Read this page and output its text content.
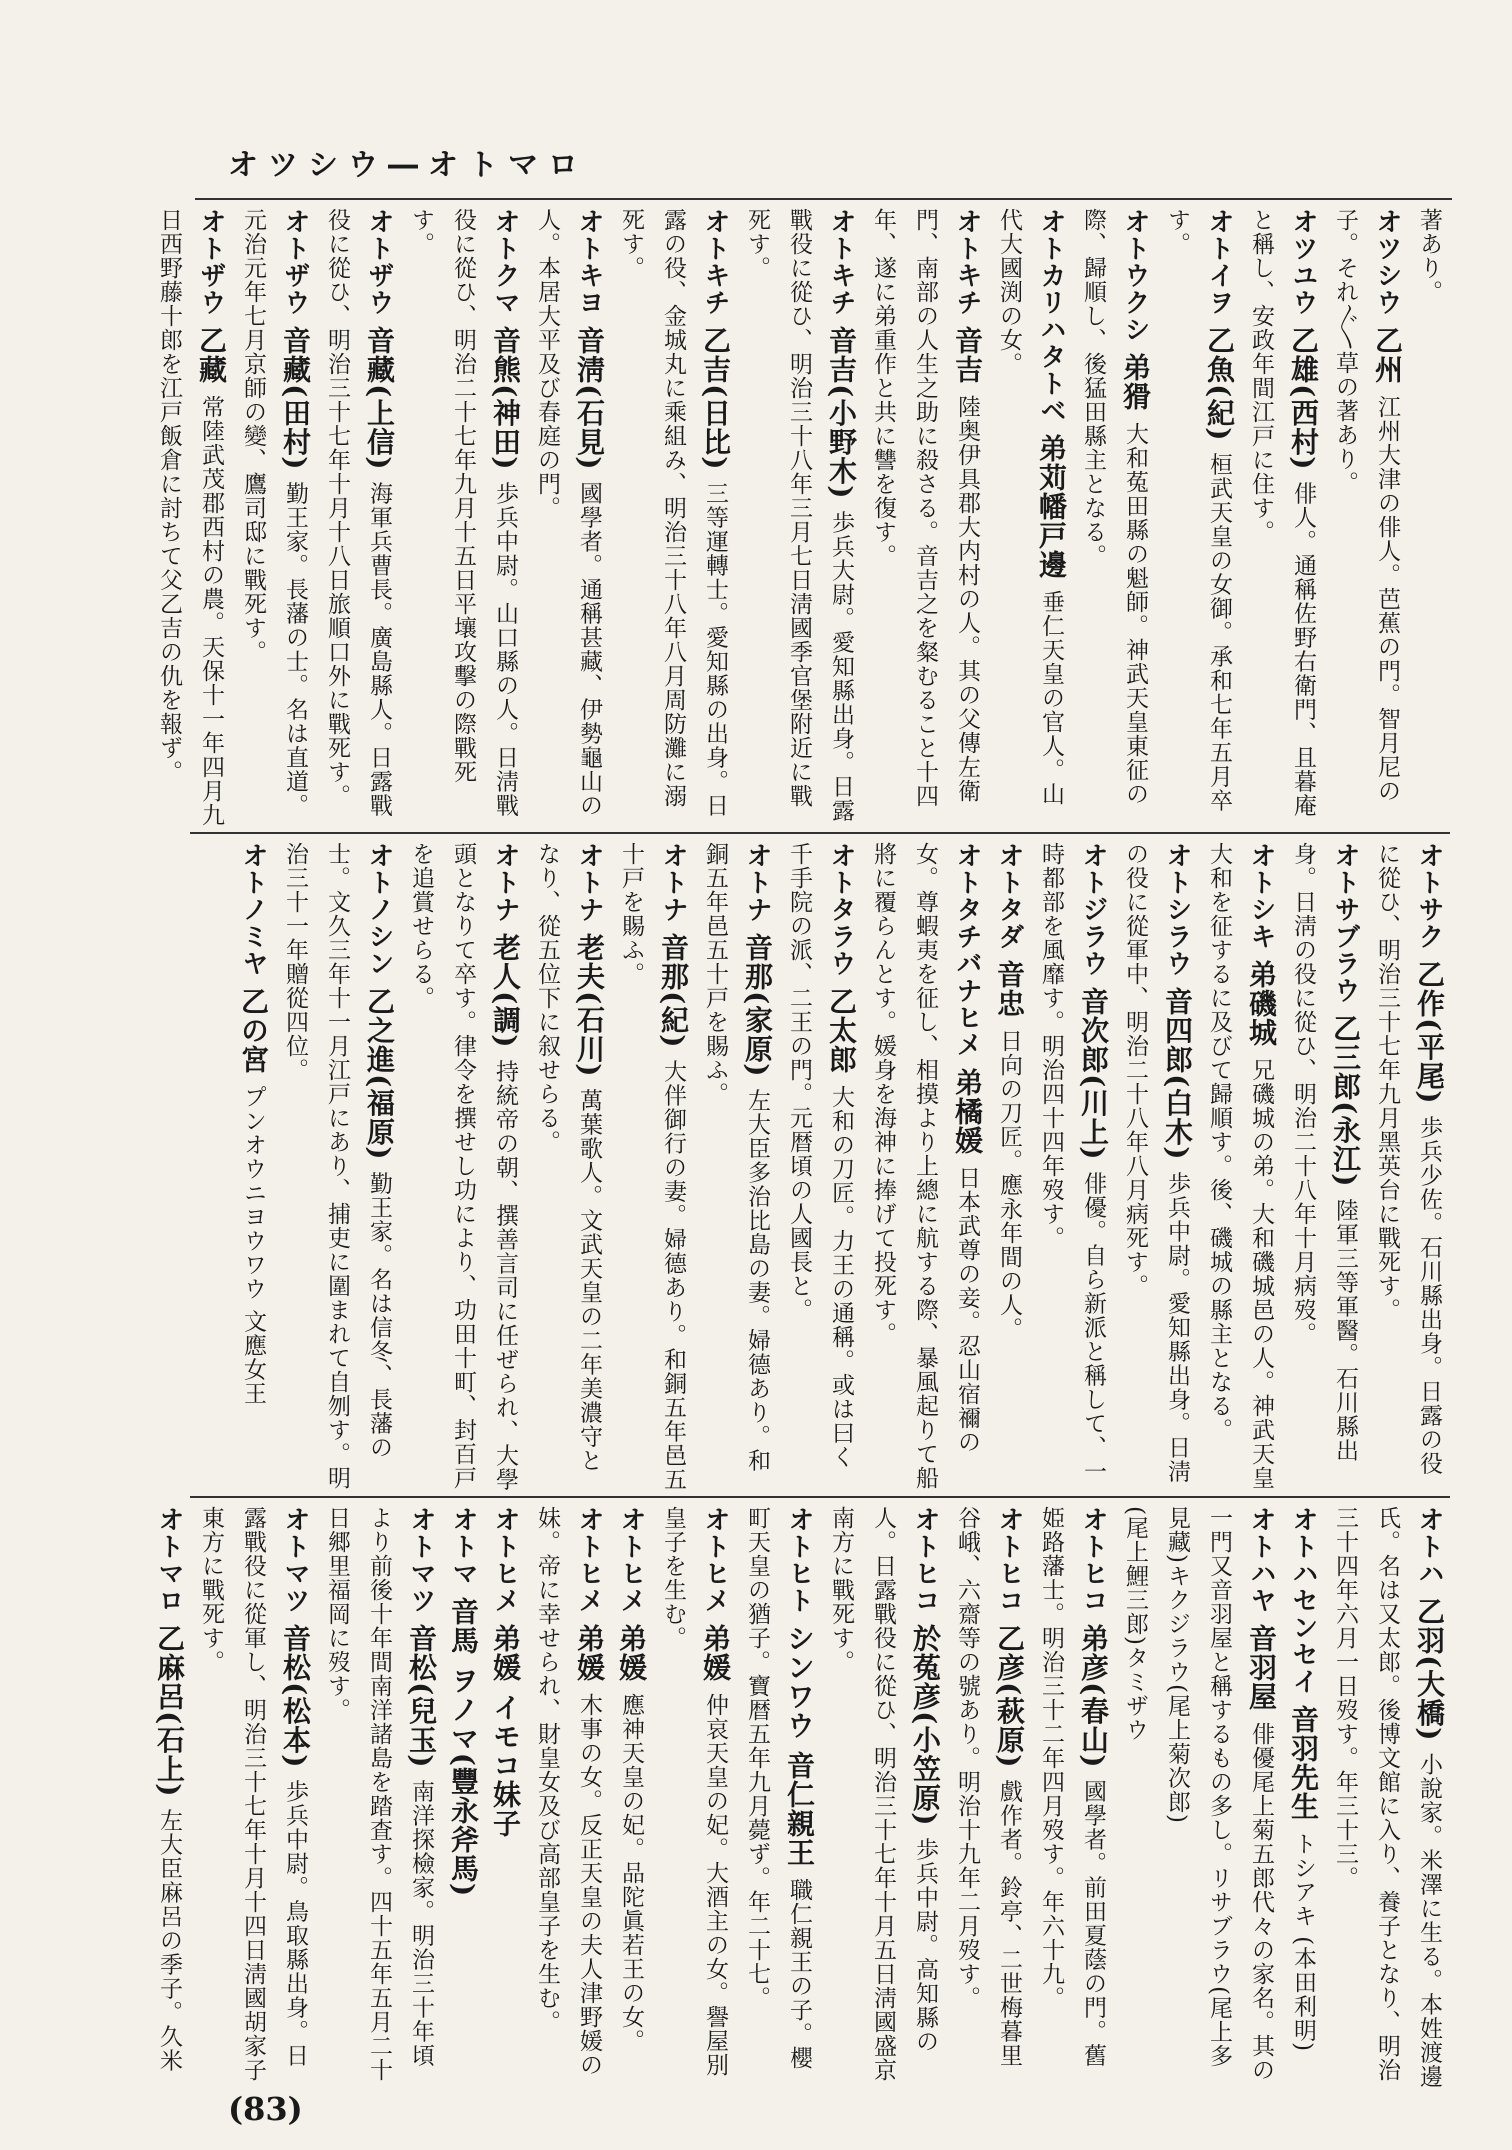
オツシウ―オトマロ
著あり。
オツシウ 乙州 江州大津の俳人。芭蕉の門。智月尼の子。それ〴〵草の著あり。
オツユウ 乙雄(西村) 俳人。通稱佐野右衛門、且暮庵と稱し、安政年間江戸に住す。
オトイヲ 乙魚(紀) 桓武天皇の女御。承和七年五月卒す。
オトウクシ 弟猾 大和菟田縣の魁師。神武天皇東征の際、歸順し、後猛田縣主となる。
オトカリハタトベ 弟苅幡戸邊 垂仁天皇の官人。山代大國渕の女。
オトキチ 音吉 陸奥伊具郡大内村の人。其の父傳左衛門、南部の人生之助に殺さる。音吉之を粲むること十四年、遂に弟重作と共に讐を復す。
オトキチ 音吉(小野木) 歩兵大尉。愛知縣出身。日露戰役に從ひ、明治三十八年三月七日淸國季官堡附近に戰死す。
オトキチ 乙吉(日比) 三等運轉士。愛知縣の出身。日露の役、金城丸に乘組み、明治三十八年八月周防灘に溺死す。
オトキヨ 音淸(石見) 國學者。通稱甚藏、伊勢龜山の人。本居大平及び春庭の門。
オトクマ 音熊(神田) 歩兵中尉。山口縣の人。日淸戰役に從ひ、明治二十七年九月十五日平壤攻擊の際戰死す。
オトザウ 音藏(上信) 海軍兵曹長。廣島縣人。日露戰役に從ひ、明治三十七年十月十八日旅順口外に戰死す。
オトザウ 音藏(田村) 勤王家。長藩の士。名は直道。元治元年七月京師の變、鷹司邸に戰死す。
オトザウ 乙藏 常陸武茂郡西村の農。天保十一年四月九日西野藤十郎を江戸飯倉に討ちて父乙吉の仇を報ず。
オトサク 乙作(平尾) 歩兵少佐。石川縣出身。日露の役に從ひ、明治三十七年九月黑英台に戰死す。
オトサブラウ 乙三郎(永江) 陸軍三等軍醫。石川縣出身。日淸の役に從ひ、明治二十八年十月病歿。
オトシキ 弟磯城 兄磯城の弟。大和磯城邑の人。神武天皇大和を征するに及びて歸順す。後、磯城の縣主となる。
オトシラウ 音四郎(白木) 歩兵中尉。愛知縣出身。日淸の役に從軍中、明治二十八年八月病死す。
オトジラウ 音次郎(川上) 俳優。自ら新派と稱して、一時都部を風靡す。明治四十四年歿す。
オトタダ 音忠 日向の刀匠。應永年間の人。
オトタチバナヒメ 弟橘媛 日本武尊の妾。忍山宿禰の女。尊蝦夷を征し、相摸より上總に航する際、暴風起りて船將に覆らんとす。媛身を海神に捧げて投死す。
オトタラウ 乙太郎 大和の刀匠。力王の通稱。或は曰く千手院の派、二王の門。元暦頃の人國長と。
オトナ 音那(家原) 左大臣多治比島の妻。婦德あり。和銅五年邑五十戸を賜ふ。
オトナ 音那(紀) 大伴御行の妻。婦德あり。和銅五年邑五十戸を賜ふ。
オトナ 老夫(石川) 萬葉歌人。文武天皇の二年美濃守となり、從五位下に叙せらる。
オトナ 老人(調) 持統帝の朝、撰善言司に任ぜられ、大學頭となりて卒す。律令を撰せし功により、功田十町、封百戸を追賞せらる。
オトノシン 乙之進(福原) 勤王家。名は信冬、長藩の士。文久三年十一月江戸にあり、捕吏に圍まれて自刎す。明治三十一年贈從四位。
オトノミヤ 乙の宮 プンオウニヨウワウ 文應女王
オトハ 乙羽(大橋) 小說家。米澤に生る。本姓渡邊氏。名は又太郎。後博文館に入り、養子となり、明治三十四年六月一日歿す。年三十三。
オトハセンセイ 音羽先生 トシアキ (本田利明)
オトハヤ 音羽屋 俳優尾上菊五郎代々の家名。其の一門又音羽屋と稱するもの多し。リサブラウ(尾上多見藏)キクジラウ(尾上菊次郎)
(尾上鯉三郎)タミザウ
オトヒコ 弟彦(春山) 國學者。前田夏蔭の門。舊姫路藩士。明治三十二年四月歿す。年六十九。
オトヒコ 乙彦(萩原) 戲作者。鈴亭、二世梅暮里谷峨、六齋等の號あり。明治十九年二月歿す。
オトヒコ 於菟彦(小笠原) 歩兵中尉。高知縣の人。日露戰役に從ひ、明治三十七年十月五日淸國盛京南方に戰死す。
オトヒト シンワウ 音仁親王 職仁親王の子。櫻町天皇の猶子。寶暦五年九月薨ず。年二十七。
オトヒメ 弟媛 仲哀天皇の妃。大酒主の女。譽屋別皇子を生む。
オトヒメ 弟媛 應神天皇の妃。品陀眞若王の女。
オトヒメ 弟媛 木事の女。反正天皇の夫人津野媛の妹。帝に幸せられ、財皇女及び高部皇子を生む。
オトヒメ 弟媛 イモコ妹子
オトマ 音馬 ヲノマ(豐永斧馬)
オトマツ 音松(兒玉) 南洋探檢家。明治三十年頃より前後十年間南洋諸島を踏査す。四十五年五月二十日郷里福岡に歿す。
オトマツ 音松(松本) 歩兵中尉。鳥取縣出身。日露戰役に從軍し、明治三十七年十月十四日淸國胡家子東方に戰死す。
オトマロ 乙麻呂(石上) 左大臣麻呂の季子。久米
(83)
